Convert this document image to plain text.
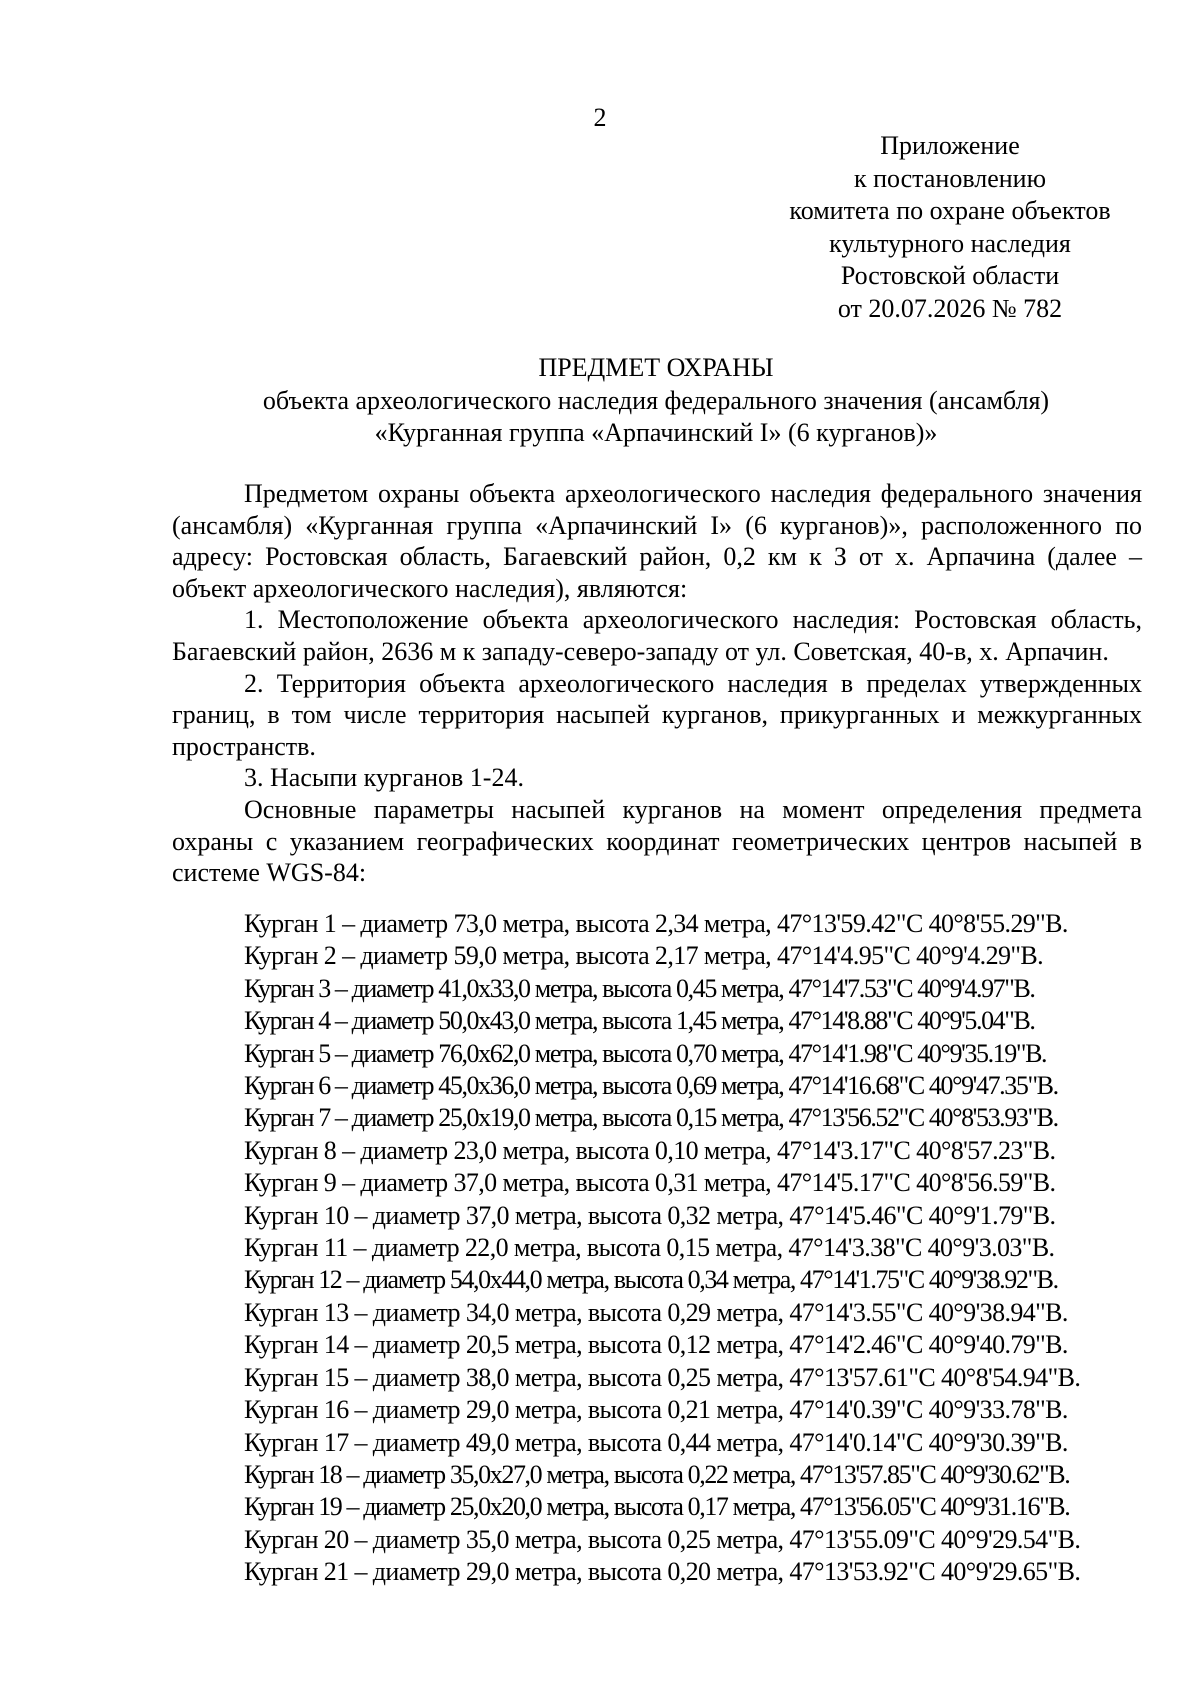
2
Приложение
к постановлению
комитета по охране объектов
культурного наследия
Ростовской области
от 20.07.2026 № 782
ПРЕДМЕТ ОХРАНЫ
объекта археологического наследия федерального значения (ансамбля)
«Курганная группа «Арпачинский I» (6 курганов)»

Предметом охраны объекта археологического наследия федерального значения (ансамбля) «Курганная группа «Арпачинский I» (6 курганов)», расположенного по адресу: Ростовская область, Багаевский район, 0,2 км к З от х. Арпачина (далее – объект археологического наследия), являются:

1. Местоположение объекта археологического наследия: Ростовская область, Багаевский район, 2636 м к западу-северо-западу от ул. Советская, 40-в, х. Арпачин.

2. Территория объекта археологического наследия в пределах утвержденных границ, в том числе территория насыпей курганов, прикурганных и межкурганных пространств.

3. Насыпи курганов 1-24.

Основные параметры насыпей курганов на момент определения предмета охраны с указанием географических координат геометрических центров насыпей в системе WGS-84:

Курган 1 – диаметр 73,0 метра, высота 2,34 метра, 47°13'59.42"С 40°8'55.29"В.
Курган 2 – диаметр 59,0 метра, высота 2,17 метра, 47°14'4.95"С 40°9'4.29"В.
Курган 3 – диаметр 41,0х33,0 метра, высота 0,45 метра, 47°14'7.53"С 40°9'4.97"В.
Курган 4 – диаметр 50,0х43,0 метра, высота 1,45 метра, 47°14'8.88"С 40°9'5.04"В.
Курган 5 – диаметр 76,0х62,0 метра, высота 0,70 метра, 47°14'1.98"С 40°9'35.19"В.
Курган 6 – диаметр 45,0х36,0 метра, высота 0,69 метра, 47°14'16.68"С 40°9'47.35"В.
Курган 7 – диаметр 25,0х19,0 метра, высота 0,15 метра, 47°13'56.52"С 40°8'53.93"В.
Курган 8 – диаметр 23,0 метра, высота 0,10 метра, 47°14'3.17"С 40°8'57.23"В.
Курган 9 – диаметр 37,0 метра, высота 0,31 метра, 47°14'5.17"С 40°8'56.59"В.
Курган 10 – диаметр 37,0 метра, высота 0,32 метра, 47°14'5.46"С 40°9'1.79"В.
Курган 11 – диаметр 22,0 метра, высота 0,15 метра, 47°14'3.38"С 40°9'3.03"В.
Курган 12 – диаметр 54,0х44,0 метра, высота 0,34 метра, 47°14'1.75"С 40°9'38.92"В.
Курган 13 – диаметр 34,0 метра, высота 0,29 метра, 47°14'3.55"С 40°9'38.94"В.
Курган 14 – диаметр 20,5 метра, высота 0,12 метра, 47°14'2.46"С 40°9'40.79"В.
Курган 15 – диаметр 38,0 метра, высота 0,25 метра, 47°13'57.61"С 40°8'54.94"В.
Курган 16 – диаметр 29,0 метра, высота 0,21 метра, 47°14'0.39"С 40°9'33.78"В.
Курган 17 – диаметр 49,0 метра, высота 0,44 метра, 47°14'0.14"С 40°9'30.39"В.
Курган 18 – диаметр 35,0х27,0 метра, высота 0,22 метра, 47°13'57.85"С 40°9'30.62"В.
Курган 19 – диаметр 25,0х20,0 метра, высота 0,17 метра, 47°13'56.05"С 40°9'31.16"В.
Курган 20 – диаметр 35,0 метра, высота 0,25 метра, 47°13'55.09"С 40°9'29.54"В.
Курган 21 – диаметр 29,0 метра, высота 0,20 метра, 47°13'53.92"С 40°9'29.65"В.
